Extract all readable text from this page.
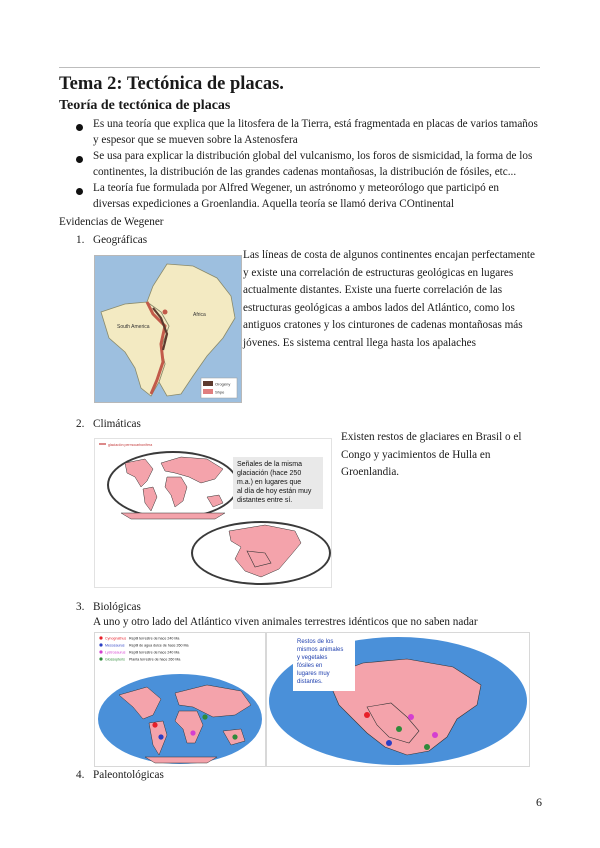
Tema 2: Tectónica de placas.
Teoría de tectónica de placas
Es una teoría que explica que la litosfera de la Tierra, está fragmentada en placas de varios tamaños
y espesor que se mueven sobre la Astenosfera
Se usa para explicar la distribución global del vulcanismo, los foros de sismicidad, la forma de los
continentes, la distribución de las grandes cadenas montañosas, la distribución de fósiles, etc...
La teoría fue formulada por Alfred Wegener, un astrónomo y meteorólogo que participó en
diversas expediciones a Groenlandia. Aquella teoría se llamó deriva COntinental
Evidencias de Wegener
1. Geográficas
Africa
South America
Orogény
Shpe
Las líneas de costa de algunos continentes encajan perfectamente
y existe una correlación de estructuras geológicas en lugares
actualmente distantes. Existe una fuerte correlación de las
estructuras geológicas a ambos lados del Atlántico, como los
antiguos cratones y los cinturones de cadenas montañosas más
jóvenes. Es sistema central llega hasta los apalaches
2. Climáticas
glaciación permocarbonífera
Señales de la misma
glaciación (hace 250
m.a.) en lugares que
al día de hoy están muy
distantes entre sí.
Existen restos de glaciares en Brasil o el
Congo y yacimientos de Hulla en
Groenlandia.
3. Biológicas
A uno y otro lado del Atlántico viven animales terrestres idénticos que no saben nadar
Cynognathus Reptil terrestre de hace 240 Ma
Mesosaurus Reptil de agua dulce de hace 260 Ma
Lystrosaurus Reptil terrestre de hace 240 Ma
Glossopteris Planta terrestre de hace 260 Ma
Restos de los
mismos animales
y vegetales
fósiles en
lugares muy
distantes.
4. Paleontológicas
6
